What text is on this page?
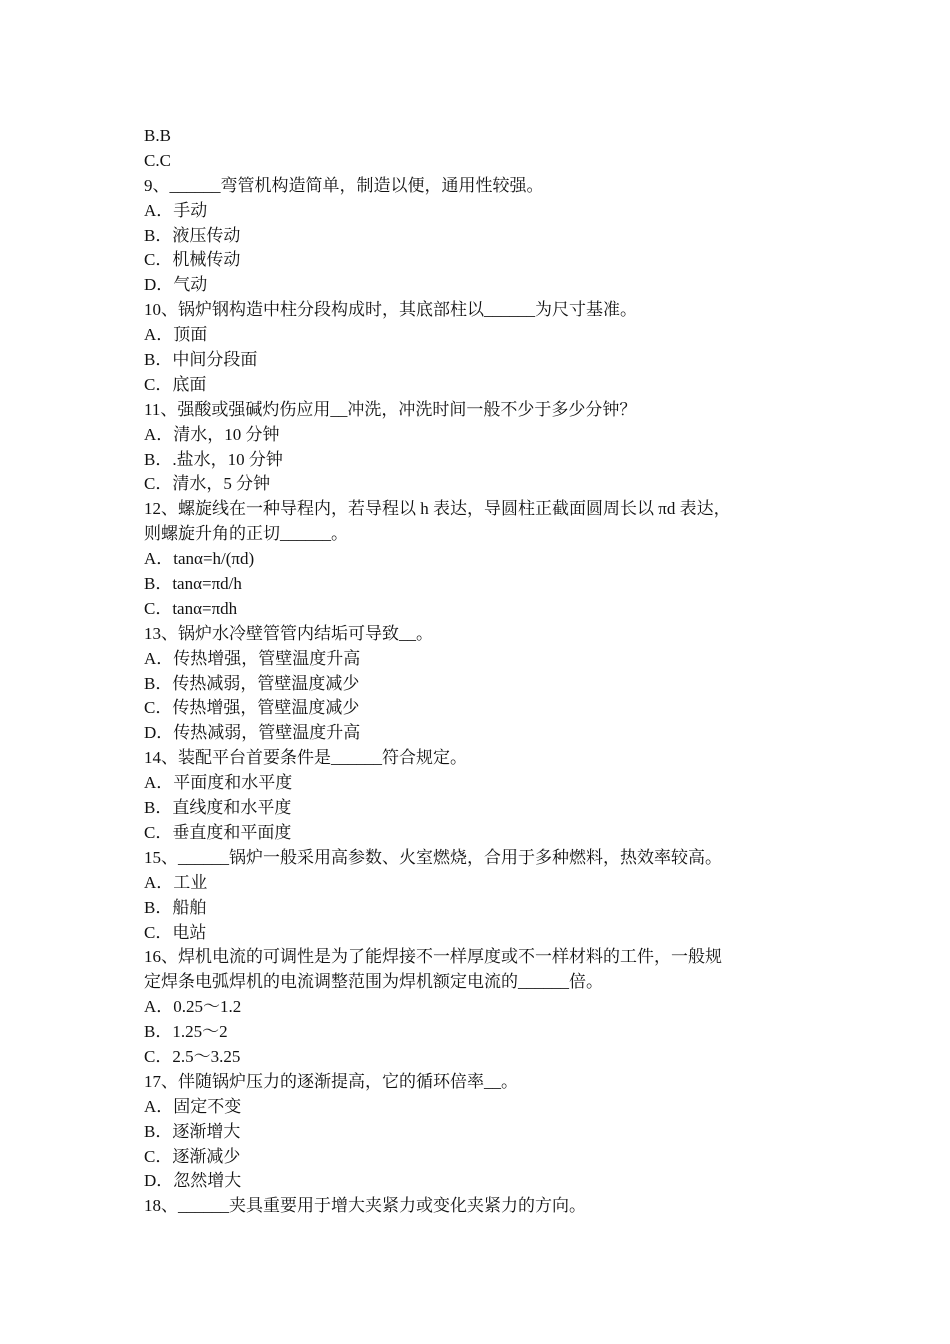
B.B
C.C
9、______弯管机构造简单，制造以便，通用性较强。
A．手动
B．液压传动
C．机械传动
D．气动
10、锅炉钢构造中柱分段构成时，其底部柱以______为尺寸基准。
A．顶面
B．中间分段面
C．底面
11、强酸或强碱灼伤应用__冲洗，冲洗时间一般不少于多少分钟？
A．清水，10 分钟
B．.盐水，10 分钟
C．清水，5 分钟
12、螺旋线在一种导程内，若导程以 h 表达，导圆柱正截面圆周长以 πd 表达，
则螺旋升角的正切______。
A．tanα=h/(πd)
B．tanα=πd/h
C．tanα=πdh
13、锅炉水冷壁管管内结垢可导致__。
A．传热增强，管壁温度升高
B．传热减弱，管壁温度减少
C．传热增强，管壁温度减少
D．传热减弱，管壁温度升高
14、装配平台首要条件是______符合规定。
A．平面度和水平度
B．直线度和水平度
C．垂直度和平面度
15、______锅炉一般采用高参数、火室燃烧，合用于多种燃料，热效率较高。
A．工业
B．船舶
C．电站
16、焊机电流的可调性是为了能焊接不一样厚度或不一样材料的工件，一般规
定焊条电弧焊机的电流调整范围为焊机额定电流的______倍。
A．0.25～1.2
B．1.25～2
C．2.5～3.25
17、伴随锅炉压力的逐渐提高，它的循环倍率__。
A．固定不变
B．逐渐增大
C．逐渐减少
D．忽然增大
18、______夹具重要用于增大夹紧力或变化夹紧力的方向。
